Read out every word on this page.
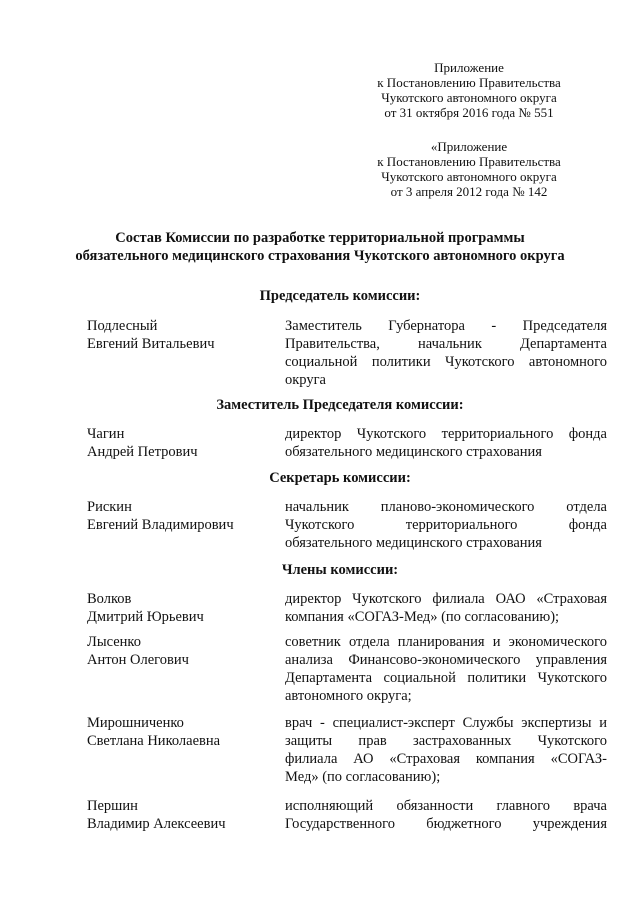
Приложение
к Постановлению Правительства
Чукотского автономного округа
от 31 октября 2016 года № 551
«Приложение
к Постановлению Правительства
Чукотского автономного округа
от 3 апреля 2012 года № 142
Состав Комиссии по разработке территориальной программы
обязательного медицинского страхования Чукотского автономного округа
Председатель комиссии:
Подлесный
Евгений Витальевич
Заместитель Губернатора - Председателя
Правительства, начальник Департамента
социальной политики Чукотского автономного
округа
Заместитель Председателя комиссии:
Чагин
Андрей Петрович
директор Чукотского территориального фонда
обязательного медицинского страхования
Секретарь комиссии:
Рискин
Евгений Владимирович
начальник планово-экономического отдела
Чукотского территориального фонда
обязательного медицинского страхования
Члены комиссии:
Волков
Дмитрий Юрьевич
директор Чукотского филиала ОАО «Страховая
компания «СОГАЗ-Мед» (по согласованию);
Лысенко
Антон Олегович
советник отдела планирования и экономического
анализа Финансово-экономического управления
Департамента социальной политики Чукотского
автономного округа;
Мирошниченко
Светлана Николаевна
врач - специалист-эксперт Службы экспертизы и
защиты прав застрахованных Чукотского
филиала АО «Страховая компания «СОГАЗ-
Мед» (по согласованию);
Першин
Владимир Алексеевич
исполняющий обязанности главного врача
Государственного бюджетного учреждения
